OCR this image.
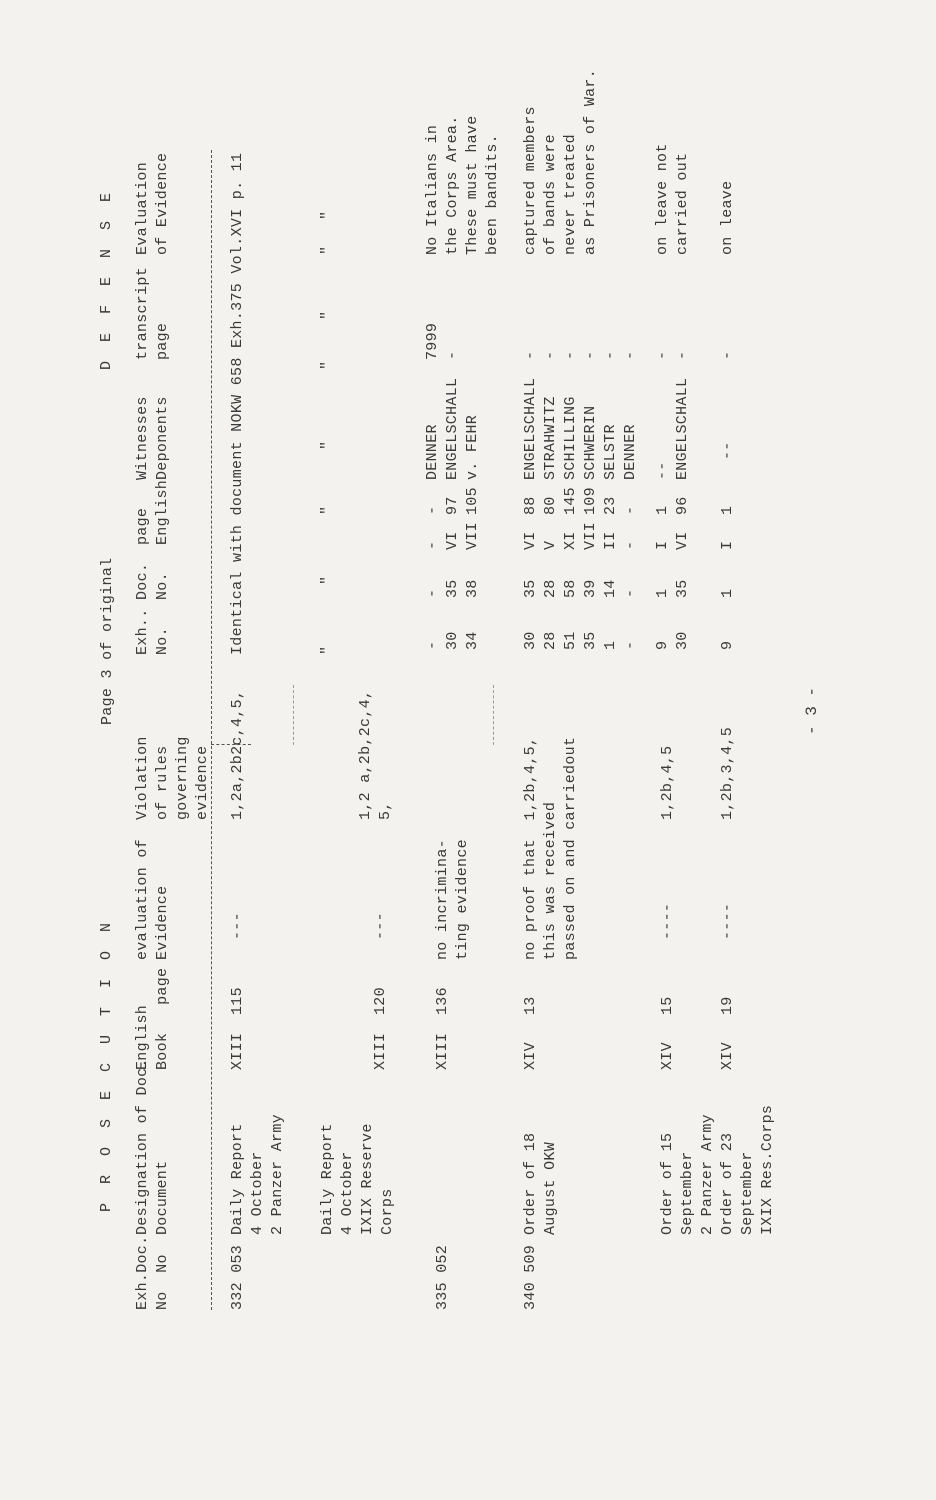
P R O S E C U T I O N
Page 3 of original
D E F E N S E
Exh.Doc. No  No
Designation of Doc. Document
English Book   page
evaluation of Evidence
Violation of rules governing evidence
Exh.. No.
Doc. No.
page English
Witnesses Deponents
transcript page
Evaluation of Evidence
332 053
Daily Report 4 October 2 Panzer Army
XIII
115
---
1,2a,2b2c,4,5,
Identical with document NOKW 658 Exh.375 Vol.XVI p. 11
Daily Report 4 October IXIX Reserve Corps
XIII
120
---
1,2 a,2b,2c,4, 5,
"
"
"
"
"
"
"
"
335 052
XIII
136
no incrimina- ting evidence
- 30 34
- 35 38
- VI VII
- 97 105
DENNER ENGELSCHALL v. FEHR
7999 -

No Italians in the Corps Area. These must have been bandits.
340 509
Order of 18 August OKW
XIV
13
no proof that  1,2b,4,5, this was received passed on and carriedout
30 28 51 35 1 -
35 28 58 39 14 -
VI V XI VII II -
88 80 145 109 23 -
ENGELSCHALL STRAHWITZ SCHILLING SCHWERIN SELSTR DENNER
- - - - - -
captured members of bands were never treated as Prisoners of War.
Order of 15 September 2 Panzer Army
XIV
15
----
1,2b,4,5
9 30
1 35
I VI
1 96
-- ENGELSCHALL
- -
on leave not carried out
Order of 23 September IXIX Res.Corps
XIV
19
----
1,2b,3,4,5
9
1
I
1
--
-
on leave
- 3 -
